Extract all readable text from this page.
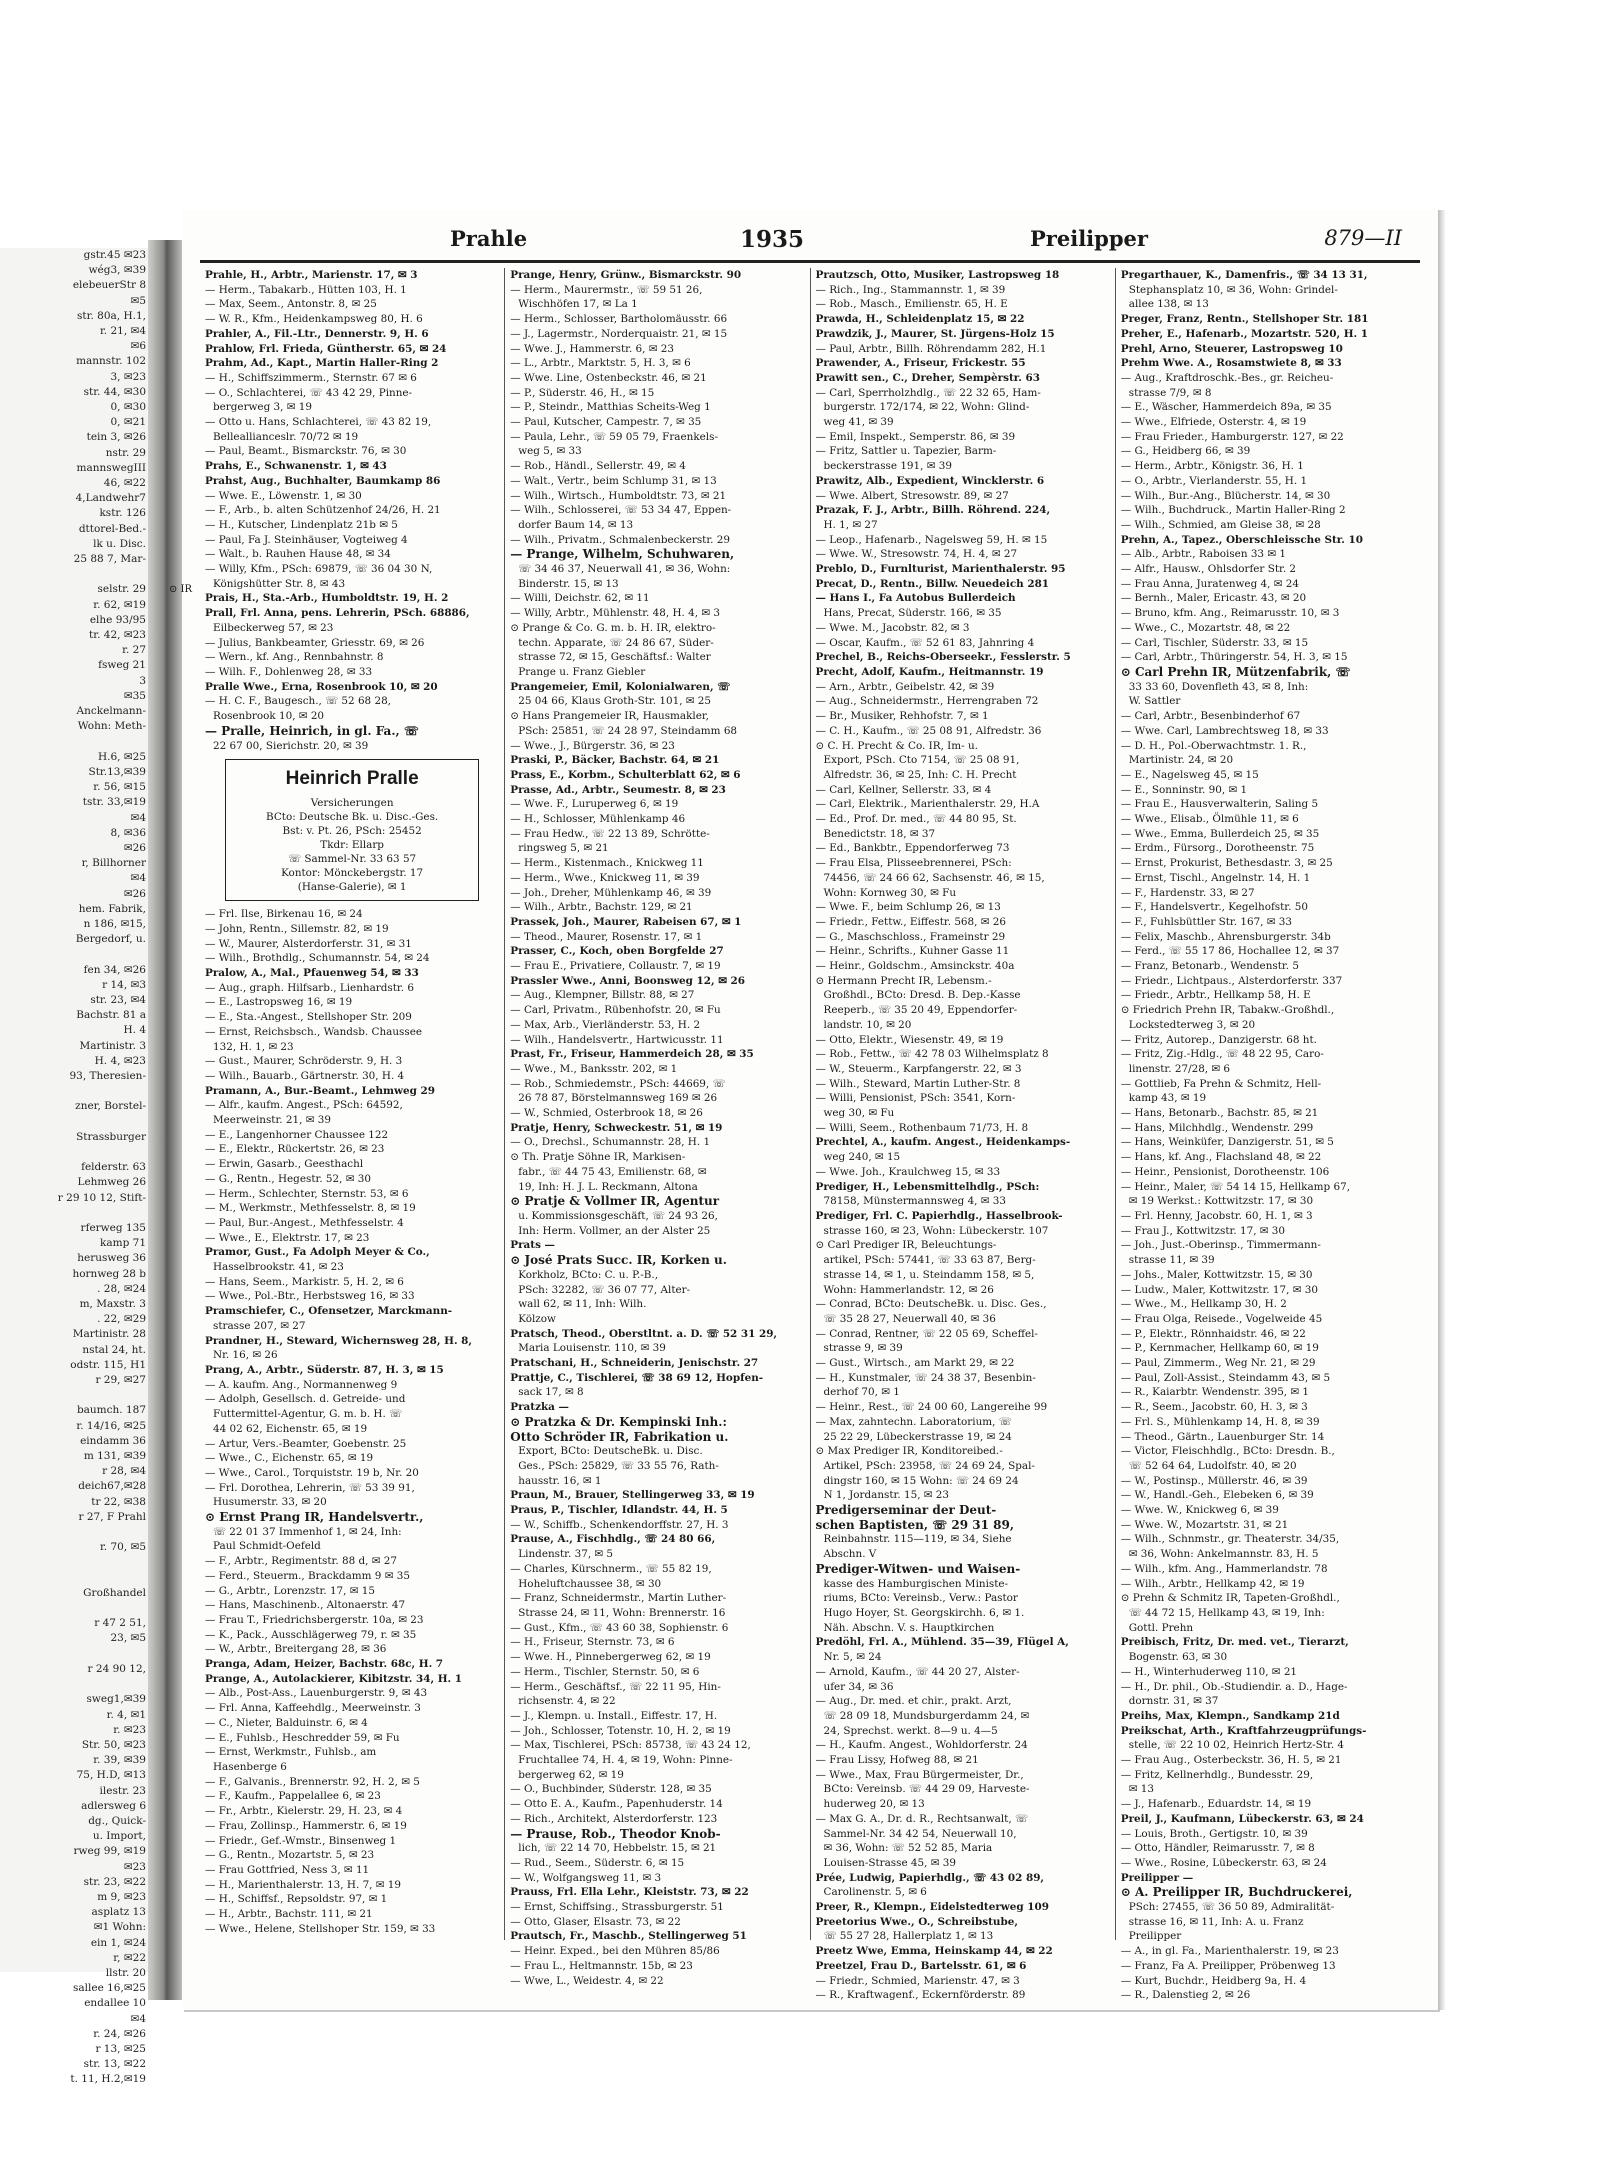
gstr.45 ✉23
wég3, ✉39
elebeuerStr 8
✉5
str. 80a, H.1,
r. 21, ✉4
✉6
mannstr. 102
3, ✉23
str. 44, ✉30
0, ✉30
0, ✉21
tein 3, ✉26
nstr. 29
mannswegIII
46, ✉22
4,Landwehr7
kstr. 126
dttorel-Bed.-
lk u. Disc.
25 88 7, Mar-

selstr. 29
r. 62, ✉19
elhe 93/95
tr. 42, ✉23
r. 27
fsweg 21
3
✉35
Anckelmann-
Wohn: Meth-

H.6, ✉25
Str.13,✉39
r. 56, ✉15
tstr. 33,✉19
✉4
8, ✉36
✉26
r, Billhorner
✉4
✉26
hem. Fabrik,
n 186, ✉15,
Bergedorf, u.

fen 34, ✉26
r 14, ✉3
str. 23, ✉4
Bachstr. 81 a
H. 4
Martinistr. 3
H. 4, ✉23
93, Theresien-

zner, Borstel-

Strassburger

felderstr. 63
Lehmweg 26
r 29 10 12, Stift-

rferweg 135
kamp 71
herusweg 36
hornweg 28 b
. 28, ✉24
m, Maxstr. 3
. 22, ✉29
Martinistr. 28
nstal 24, ht.
odstr. 115, H1
r 29, ✉27

baumch. 187
r. 14/16, ✉25
eindamm 36
m 131, ✉39
r 28, ✉4
deich67,✉28
tr 22, ✉38
r 27, F Prahl

r. 70, ✉5

Großhandel

r 47 2 51,
23, ✉5

r 24 90 12,

sweg1,✉39
r. 4, ✉1
r. ✉23
Str. 50, ✉23
r. 39, ✉39
75, H.D, ✉13
ilestr. 23
adlersweg 6
dg., Quick-
u. Import,
rweg 99, ✉19
✉23
str. 23, ✉22
m 9, ✉23
asplatz 13
✉1 Wohn:
ein 1, ✉24
r, ✉22
llstr. 20
sallee 16,✉25
endallee 10
✉4
r. 24, ✉26
r 13, ✉25
str. 13, ✉22
t. 11, H.2,✉19
Prahle	1935	Preilipper	879—II
Prahle, H., Arbtr., Marienstr. 17, ✉ 3
— Herm., Tabakarb., Hütten 103, H. 1
— Max, Seem., Antonstr. 8, ✉ 25
— W. R., Kfm., Heidenkampsweg 80, H. 6
Prahler, A., Fil.-Ltr., Dennerstr. 9, H. 6
Prahlow, Frl. Frieda, Güntherstr. 65, ✉ 24
Prahm, Ad., Kapt., Martin Haller-Ring 2
— H., Schiffszimmerm., Sternstr. 67 ✉ 6
— O., Schlachterei, ☏ 43 42 29, Pinne-
bergerweg 3, ✉ 19
— Otto u. Hans, Schlachterei, ☏ 43 82 19,
Belleallianceslr. 70/72 ✉ 19
— Paul, Beamt., Bismarckstr. 76, ✉ 30
Prahs, E., Schwanenstr. 1, ✉ 43
Prahst, Aug., Buchhalter, Baumkamp 86
— Wwe. E., Löwenstr. 1, ✉ 30
— F., Arb., b. alten Schützenhof 24/26, H. 21
— H., Kutscher, Lindenplatz 21b ✉ 5
— Paul, Fa J. Steinhäuser, Vogteiweg 4
— Walt., b. Rauhen Hause 48, ✉ 34
— Willy, Kfm., PSch: 69879, ☏ 36 04 30 N,
Königshütter Str. 8, ✉ 43
Prais, H., Sta.-Arb., Humboldtstr. 19, H. 2
Prall, Frl. Anna, pens. Lehrerin, PSch. 68886,
Eilbeckerweg 57, ✉ 23
— Julius, Bankbeamter, Griesstr. 69, ✉ 26
— Wern., kf. Ang., Rennbahnstr. 8
— Wilh. F., Dohlenweg 28, ✉ 33
Pralle Wwe., Erna, Rosenbrook 10, ✉ 20
— H. C. F., Baugesch., ☏ 52 68 28,
Rosenbrook 10, ✉ 20
— Pralle, Heinrich, in gl. Fa., ☏
22 67 00, Sierichstr. 20, ✉ 39
⊙ IR
Heinrich Pralle
Versicherungen
BCto: Deutsche Bk. u. Disc.-Ges.
Bst: v. Pt. 26, PSch: 25452
Tkdr: Ellarp
☏ Sammel-Nr. 33 63 57
Kontor: Mönckebergstr. 17
(Hanse-Galerie), ✉ 1
— Frl. Ilse, Birkenau 16, ✉ 24
— John, Rentn., Sillemstr. 82, ✉ 19
— W., Maurer, Alsterdorferstr. 31, ✉ 31
— Wilh., Brothdlg., Schumannstr. 54, ✉ 24
Pralow, A., Mal., Pfauenweg 54, ✉ 33
— Aug., graph. Hilfsarb., Lienhardstr. 6
— E., Lastropsweg 16, ✉ 19
— E., Sta.-Angest., Stellshoper Str. 209
— Ernst, Reichsbsch., Wandsb. Chaussee
132, H. 1, ✉ 23
— Gust., Maurer, Schröderstr. 9, H. 3
— Wilh., Bauarb., Gärtnerstr. 30, H. 4
Pramann, A., Bur.-Beamt., Lehmweg 29
— Alfr., kaufm. Angest., PSch: 64592,
Meerweinstr. 21, ✉ 39
— E., Langenhorner Chaussee 122
— E., Elektr., Rückertstr. 26, ✉ 23
— Erwin, Gasarb., Geesthachl
— G., Rentn., Hegestr. 52, ✉ 30
— Herm., Schlechter, Sternstr. 53, ✉ 6
— M., Werkmstr., Methfesselstr. 8, ✉ 19
— Paul, Bur.-Angest., Methfesselstr. 4
— Wwe., E., Elektrstr. 17, ✉ 23
Pramor, Gust., Fa Adolph Meyer & Co.,
Hasselbrookstr. 41, ✉ 23
— Hans, Seem., Markistr. 5, H. 2, ✉ 6
— Wwe., Pol.-Btr., Herbstsweg 16, ✉ 33
Pramschiefer, C., Ofensetzer, Marckmann-
strasse 207, ✉ 27
Prandner, H., Steward, Wichernsweg 28, H. 8,
Nr. 16, ✉ 26
Prang, A., Arbtr., Süderstr. 87, H. 3, ✉ 15
— A. kaufm. Ang., Normannenweg 9
— Adolph, Gesellsch. d. Getreide- und
Futtermittel-Agentur, G. m. b. H. ☏
44 02 62, Eichenstr. 65, ✉ 19
— Artur, Vers.-Beamter, Goebenstr. 25
— Wwe., C., Eichenstr. 65, ✉ 19
— Wwe., Carol., Torquiststr. 19 b, Nr. 20
— Frl. Dorothea, Lehrerin, ☏ 53 39 91,
Husumerstr. 33, ✉ 20
⊙ Ernst Prang IR, Handelsvertr.,
☏ 22 01 37 Immenhof 1, ✉ 24, Inh:
Paul Schmidt-Oefeld
— F., Arbtr., Regimentstr. 88 d, ✉ 27
— Ferd., Steuerm., Brackdamm 9 ✉ 35
— G., Arbtr., Lorenzstr. 17, ✉ 15
— Hans, Maschinenb., Altonaerstr. 47
— Frau T., Friedrichsbergerstr. 10a, ✉ 23
— K., Pack., Ausschlägerweg 79, r. ✉ 35
— W., Arbtr., Breitergang 28, ✉ 36
Pranga, Adam, Heizer, Bachstr. 68c, H. 7
Prange, A., Autolackierer, Kibitzstr. 34, H. 1
— Alb., Post-Ass., Lauenburgerstr. 9, ✉ 43
— Frl. Anna, Kaffeehdlg., Meerweinstr. 3
— C., Nieter, Balduinstr. 6, ✉ 4
— E., Fuhlsb., Heschredder 59, ✉ Fu
— Ernst, Werkmstr., Fuhlsb., am
Hasenberge 6
— F., Galvanis., Brennerstr. 92, H. 2, ✉ 5
— F., Kaufm., Pappelallee 6, ✉ 23
— Fr., Arbtr., Kielerstr. 29, H. 23, ✉ 4
— Frau, Zollinsp., Hammerstr. 6, ✉ 19
— Friedr., Gef.-Wmstr., Binsenweg 1
— G., Rentn., Mozartstr. 5, ✉ 23
— Frau Gottfried, Ness 3, ✉ 11
— H., Marienthalerstr. 13, H. 7, ✉ 19
— H., Schiffsf., Repsoldstr. 97, ✉ 1
— H., Arbtr., Bachstr. 111, ✉ 21
— Wwe., Helene, Stellshoper Str. 159, ✉ 33
Prange, Henry, Grünw., Bismarckstr. 90
— Herm., Maurermstr., ☏ 59 51 26,
Wischhöfen 17, ✉ La 1
— Herm., Schlosser, Bartholomäusstr. 66
— J., Lagermstr., Norderquaistr. 21, ✉ 15
— Wwe. J., Hammerstr. 6, ✉ 23
— L., Arbtr., Marktstr. 5, H. 3, ✉ 6
— Wwe. Line, Ostenbeckstr. 46, ✉ 21
— P., Süderstr. 46, H., ✉ 15
— P., Steindr., Matthias Scheits-Weg 1
— Paul, Kutscher, Campestr. 7, ✉ 35
— Paula, Lehr., ☏ 59 05 79, Fraenkels-
weg 5, ✉ 33
— Rob., Händl., Sellerstr. 49, ✉ 4
— Walt., Vertr., beim Schlump 31, ✉ 13
— Wilh., Wirtsch., Humboldtstr. 73, ✉ 21
— Wilh., Schlosserei, ☏ 53 34 47, Eppen-
dorfer Baum 14, ✉ 13
— Wilh., Privatm., Schmalenbeckerstr. 29
— Prange, Wilhelm, Schuhwaren,
☏ 34 46 37, Neuerwall 41, ✉ 36, Wohn:
Binderstr. 15, ✉ 13
— Willi, Deichstr. 62, ✉ 11
— Willy, Arbtr., Mühlenstr. 48, H. 4, ✉ 3
⊙ Prange & Co. G. m. b. H. IR, elektro-
techn. Apparate, ☏ 24 86 67, Süder-
strasse 72, ✉ 15, Geschäftsf.: Walter
Prange u. Franz Giebler
Prangemeier, Emil, Kolonialwaren, ☏
25 04 66, Klaus Groth-Str. 101, ✉ 25
⊙ Hans Prangemeier IR, Hausmakler,
PSch: 25851, ☏ 24 28 97, Steindamm 68
— Wwe., J., Bürgerstr. 36, ✉ 23
Praski, P., Bäcker, Bachstr. 64, ✉ 21
Prass, E., Korbm., Schulterblatt 62, ✉ 6
Prasse, Ad., Arbtr., Seumestr. 8, ✉ 23
— Wwe. F., Luruperweg 6, ✉ 19
— H., Schlosser, Mühlenkamp 46
— Frau Hedw., ☏ 22 13 89, Schrötte-
ringsweg 5, ✉ 21
— Herm., Kistenmach., Knickweg 11
— Herm., Wwe., Knickweg 11, ✉ 39
— Joh., Dreher, Mühlenkamp 46, ✉ 39
— Wilh., Arbtr., Bachstr. 129, ✉ 21
Prassek, Joh., Maurer, Rabeisen 67, ✉ 1
— Theod., Maurer, Rosenstr. 17, ✉ 1
Prasser, C., Koch, oben Borgfelde 27
— Frau E., Privatiere, Collaustr. 7, ✉ 19
Prassler Wwe., Anni, Boonsweg 12, ✉ 26
— Aug., Klempner, Billstr. 88, ✉ 27
— Carl, Privatm., Rübenhofstr. 20, ✉ Fu
— Max, Arb., Vierländerstr. 53, H. 2
— Wilh., Handelsvertr., Hartwicusstr. 11
Prast, Fr., Friseur, Hammerdeich 28, ✉ 35
— Wwe., M., Banksstr. 202, ✉ 1
— Rob., Schmiedemstr., PSch: 44669, ☏
26 78 87, Börstelmannsweg 169 ✉ 26
— W., Schmied, Osterbrook 18, ✉ 26
Pratje, Henry, Schweckestr. 51, ✉ 19
— O., Drechsl., Schumannstr. 28, H. 1
⊙ Th. Pratje Söhne IR, Markisen-
fabr., ☏ 44 75 43, Emilienstr. 68, ✉
19, Inh: H. J. L. Reckmann, Altona
⊙ Pratje & Vollmer IR, Agentur
u. Kommissionsgeschäft, ☏ 24 93 26,
Inh: Herm. Vollmer, an der Alster 25
Prats —
⊙ José Prats Succ. IR, Korken u.
Korkholz, BCto: C. u. P.-B.,
PSch: 32282, ☏ 36 07 77, Alter-
wall 62, ✉ 11, Inh: Wilh.
Kölzow
Pratsch, Theod., Oberstltnt. a. D. ☏ 52 31 29,
Maria Louisenstr. 110, ✉ 39
Pratschani, H., Schneiderin, Jenischstr. 27
Prattje, C., Tischlerei, ☏ 38 69 12, Hopfen-
sack 17, ✉ 8
Pratzka —
⊙ Pratzka & Dr. Kempinski Inh.:
Otto Schröder IR, Fabrikation u.
Export, BCto: DeutscheBk. u. Disc.
Ges., PSch: 25829, ☏ 33 55 76, Rath-
hausstr. 16, ✉ 1
Praun, M., Brauer, Stellingerweg 33, ✉ 19
Praus, P., Tischler, Idlandstr. 44, H. 5
— W., Schiffb., Schenkendorffstr. 27, H. 3
Prause, A., Fischhdlg., ☏ 24 80 66,
Lindenstr. 37, ✉ 5
— Charles, Kürschnerm., ☏ 55 82 19,
Hoheluftchaussee 38, ✉ 30
— Franz, Schneidermstr., Martin Luther-
Strasse 24, ✉ 11, Wohn: Brennerstr. 16
— Gust., Kfm., ☏ 43 60 38, Sophienstr. 6
— H., Friseur, Sternstr. 73, ✉ 6
— Wwe. H., Pinnebergerweg 62, ✉ 19
— Herm., Tischler, Sternstr. 50, ✉ 6
— Herm., Geschäftsf., ☏ 22 11 95, Hin-
richsenstr. 4, ✉ 22
— J., Klempn. u. Install., Eiffestr. 17, H.
— Joh., Schlosser, Totenstr. 10, H. 2, ✉ 19
— Max, Tischlerei, PSch: 85738, ☏ 43 24 12,
Fruchtallee 74, H. 4, ✉ 19, Wohn: Pinne-
bergerweg 62, ✉ 19
— O., Buchbinder, Süderstr. 128, ✉ 35
— Otto E. A., Kaufm., Papenhuderstr. 14
— Rich., Architekt, Alsterdorferstr. 123
— Prause, Rob., Theodor Knob-
lich, ☏ 22 14 70, Hebbelstr. 15, ✉ 21
— Rud., Seem., Süderstr. 6, ✉ 15
— W., Wolfgangsweg 11, ✉ 3
Prauss, Frl. Ella Lehr., Kleiststr. 73, ✉ 22
— Ernst, Schiffsing., Strassburgerstr. 51
— Otto, Glaser, Elsastr. 73, ✉ 22
Prautsch, Fr., Maschb., Stellingerweg 51
— Heinr. Exped., bei den Mühren 85/86
— Frau L., Heltmannstr. 15b, ✉ 23
— Wwe, L., Weidestr. 4, ✉ 22
Prautzsch, Otto, Musiker, Lastropsweg 18
— Rich., Ing., Stammannstr. 1, ✉ 39
— Rob., Masch., Emilienstr. 65, H. E
Prawda, H., Schleidenplatz 15, ✉ 22
Prawdzik, J., Maurer, St. Jürgens-Holz 15
— Paul, Arbtr., Billh. Röhrendamm 282, H.1
Prawender, A., Friseur, Frickestr. 55
Prawitt sen., C., Dreher, Sempèrstr. 63
— Carl, Sperrholzhdlg., ☏ 22 32 65, Ham-
burgerstr. 172/174, ✉ 22, Wohn: Glind-
weg 41, ✉ 39
— Emil, Inspekt., Semperstr. 86, ✉ 39
— Fritz, Sattler u. Tapezier, Barm-
beckerstrasse 191, ✉ 39
Prawitz, Alb., Expedient, Wincklerstr. 6
— Wwe. Albert, Stresowstr. 89, ✉ 27
Prazak, F. J., Arbtr., Billh. Röhrend. 224,
H. 1, ✉ 27
— Leop., Hafenarb., Nagelsweg 59, H. ✉ 15
— Wwe. W., Stresowstr. 74, H. 4, ✉ 27
Preblo, D., Furnlturist, Marienthalerstr. 95
Precat, D., Rentn., Billw. Neuedeich 281
— Hans I., Fa Autobus Bullerdeich
Hans, Precat, Süderstr. 166, ✉ 35
— Wwe. M., Jacobstr. 82, ✉ 3
— Oscar, Kaufm., ☏ 52 61 83, Jahnring 4
Prechel, B., Reichs-Oberseekr., Fesslerstr. 5
Precht, Adolf, Kaufm., Heitmannstr. 19
— Arn., Arbtr., Geibelstr. 42, ✉ 39
— Aug., Schneidermstr., Herrengraben 72
— Br., Musiker, Rehhofstr. 7, ✉ 1
— C. H., Kaufm., ☏ 25 08 91, Alfredstr. 36
⊙ C. H. Precht & Co. IR, Im- u.
Export, PSch. Cto 7154, ☏ 25 08 91,
Alfredstr. 36, ✉ 25, Inh: C. H. Precht
— Carl, Kellner, Sellerstr. 33, ✉ 4
— Carl, Elektrik., Marienthalerstr. 29, H.A
— Ed., Prof. Dr. med., ☏ 44 80 95, St.
Benedictstr. 18, ✉ 37
— Ed., Bankbtr., Eppendorferweg 73
— Frau Elsa, Plisseebrennerei, PSch:
74456, ☏ 24 66 62, Sachsenstr. 46, ✉ 15,
Wohn: Kornweg 30, ✉ Fu
— Wwe. F., beim Schlump 26, ✉ 13
— Friedr., Fettw., Eiffestr. 568, ✉ 26
— G., Maschschloss., Frameinstr 29
— Heinr., Schrifts., Kuhner Gasse 11
— Heinr., Goldschm., Amsinckstr. 40a
⊙ Hermann Precht IR, Lebensm.-
Großhdl., BCto: Dresd. B. Dep.-Kasse
Reeperb., ☏ 35 20 49, Eppendorfer-
landstr. 10, ✉ 20
— Otto, Elektr., Wiesenstr. 49, ✉ 19
— Rob., Fettw., ☏ 42 78 03 Wilhelmsplatz 8
— W., Steuerm., Karpfangerstr. 22, ✉ 3
— Wilh., Steward, Martin Luther-Str. 8
— Willi, Pensionist, PSch: 3541, Korn-
weg 30, ✉ Fu
— Willi, Seem., Rothenbaum 71/73, H. 8
Prechtel, A., kaufm. Angest., Heidenkamps-
weg 240, ✉ 15
— Wwe. Joh., Kraulchweg 15, ✉ 33
Prediger, H., Lebensmittelhdlg., PSch:
78158, Münstermannsweg 4, ✉ 33
Prediger, Frl. C. Papierhdlg., Hasselbrook-
strasse 160, ✉ 23, Wohn: Lübeckerstr. 107
⊙ Carl Prediger IR, Beleuchtungs-
artikel, PSch: 57441, ☏ 33 63 87, Berg-
strasse 14, ✉ 1, u. Steindamm 158, ✉ 5,
Wohn: Hammerlandstr. 12, ✉ 26
— Conrad, BCto: DeutscheBk. u. Disc. Ges.,
☏ 35 28 27, Neuerwall 40, ✉ 36
— Conrad, Rentner, ☏ 22 05 69, Scheffel-
strasse 9, ✉ 39
— Gust., Wirtsch., am Markt 29, ✉ 22
— H., Kunstmaler, ☏ 24 38 37, Besenbin-
derhof 70, ✉ 1
— Heinr., Rest., ☏ 24 00 60, Langereihe 99
— Max, zahntechn. Laboratorium, ☏
25 22 29, Lübeckerstrasse 19, ✉ 24
⊙ Max Prediger IR, Konditoreibed.-
Artikel, PSch: 23958, ☏ 24 69 24, Spal-
dingstr 160, ✉ 15 Wohn: ☏ 24 69 24
N 1, Jordanstr. 15, ✉ 23
Predigerseminar der Deut-
schen Baptisten, ☏ 29 31 89,
Reinbahnstr. 115—119, ✉ 34, Siehe
Abschn. V
Prediger-Witwen- und Waisen-
kasse des Hamburgischen Ministe-
riums, BCto: Vereinsb., Verw.: Pastor
Hugo Hoyer, St. Georgskirchh. 6, ✉ 1.
Näh. Abschn. V. s. Hauptkirchen
Predöhl, Frl. A., Mühlend. 35—39, Flügel A,
Nr. 5, ✉ 24
— Arnold, Kaufm., ☏ 44 20 27, Alster-
ufer 34, ✉ 36
— Aug., Dr. med. et chir., prakt. Arzt,
☏ 28 09 18, Mundsburgerdamm 24, ✉
24, Sprechst. werkt. 8—9 u. 4—5
— H., Kaufm. Angest., Wohldorferstr. 24
— Frau Lissy, Hofweg 88, ✉ 21
— Wwe., Max, Frau Bürgermeister, Dr.,
BCto: Vereinsb. ☏ 44 29 09, Harveste-
huderweg 20, ✉ 13
— Max G. A., Dr. d. R., Rechtsanwalt, ☏
Sammel-Nr. 34 42 54, Neuerwall 10,
✉ 36, Wohn: ☏ 52 52 85, Maria
Louisen-Strasse 45, ✉ 39
Prée, Ludwig, Papierhdlg., ☏ 43 02 89,
Carolinenstr. 5, ✉ 6
Preer, R., Klempn., Eidelstedterweg 109
Preetorius Wwe., O., Schreibstube,
☏ 55 27 28, Hallerplatz 1, ✉ 13
Preetz Wwe, Emma, Heinskamp 44, ✉ 22
Preetzel, Frau D., Bartelsstr. 61, ✉ 6
— Friedr., Schmied, Marienstr. 47, ✉ 3
— R., Kraftwagenf., Eckernförderstr. 89
Pregarthauer, K., Damenfris., ☏ 34 13 31,
Stephansplatz 10, ✉ 36, Wohn: Grindel-
allee 138, ✉ 13
Preger, Franz, Rentn., Stellshoper Str. 181
Preher, E., Hafenarb., Mozartstr. 520, H. 1
Prehl, Arno, Steuerer, Lastropsweg 10
Prehm Wwe. A., Rosamstwiete 8, ✉ 33
— Aug., Kraftdroschk.-Bes., gr. Reicheu-
strasse 7/9, ✉ 8
— E., Wäscher, Hammerdeich 89a, ✉ 35
— Wwe., Elfriede, Osterstr. 4, ✉ 19
— Frau Frieder., Hamburgerstr. 127, ✉ 22
— G., Heidberg 66, ✉ 39
— Herm., Arbtr., Königstr. 36, H. 1
— O., Arbtr., Vierlanderstr. 55, H. 1
— Wilh., Bur.-Ang., Blücherstr. 14, ✉ 30
— Wilh., Buchdruck., Martin Haller-Ring 2
— Wilh., Schmied, am Gleise 38, ✉ 28
Prehn, A., Tapez., Oberschleissche Str. 10
— Alb., Arbtr., Raboisen 33 ✉ 1
— Alfr., Hausw., Ohlsdorfer Str. 2
— Frau Anna, Juratenweg 4, ✉ 24
— Bernh., Maler, Ericastr. 43, ✉ 20
— Bruno, kfm. Ang., Reimarusstr. 10, ✉ 3
— Wwe., C., Mozartstr. 48, ✉ 22
— Carl, Tischler, Süderstr. 33, ✉ 15
— Carl, Arbtr., Thüringerstr. 54, H. 3, ✉ 15
⊙ Carl Prehn IR, Mützenfabrik, ☏
33 33 60, Dovenfleth 43, ✉ 8, Inh:
W. Sattler
— Carl, Arbtr., Besenbinderhof 67
— Wwe. Carl, Lambrechtsweg 18, ✉ 33
— D. H., Pol.-Oberwachtmstr. 1. R.,
Martinistr. 24, ✉ 20
— E., Nagelsweg 45, ✉ 15
— E., Sonninstr. 90, ✉ 1
— Frau E., Hausverwalterin, Saling 5
— Wwe., Elisab., Ölmühle 11, ✉ 6
— Wwe., Emma, Bullerdeich 25, ✉ 35
— Erdm., Fürsorg., Dorotheenstr. 75
— Ernst, Prokurist, Bethesdastr. 3, ✉ 25
— Ernst, Tischl., Angelnstr. 14, H. 1
— F., Hardenstr. 33, ✉ 27
— F., Handelsvertr., Kegelhofstr. 50
— F., Fuhlsbüttler Str. 167, ✉ 33
— Felix, Maschb., Ahrensburgerstr. 34b
— Ferd., ☏ 55 17 86, Hochallee 12, ✉ 37
— Franz, Betonarb., Wendenstr. 5
— Friedr., Lichtpaus., Alsterdorferstr. 337
— Friedr., Arbtr., Hellkamp 58, H. E
⊙ Friedrich Prehn IR, Tabakw.-Großhdl.,
Lockstedterweg 3, ✉ 20
— Fritz, Autorep., Danzigerstr. 68 ht.
— Fritz, Zig.-Hdlg., ☏ 48 22 95, Caro-
linenstr. 27/28, ✉ 6
— Gottlieb, Fa Prehn & Schmitz, Hell-
kamp 43, ✉ 19
— Hans, Betonarb., Bachstr. 85, ✉ 21
— Hans, Milchhdlg., Wendenstr. 299
— Hans, Weinküfer, Danzigerstr. 51, ✉ 5
— Hans, kf. Ang., Flachsland 48, ✉ 22
— Heinr., Pensionist, Dorotheenstr. 106
— Heinr., Maler, ☏ 54 14 15, Hellkamp 67,
✉ 19 Werkst.: Kottwitzstr. 17, ✉ 30
— Frl. Henny, Jacobstr. 60, H. 1, ✉ 3
— Frau J., Kottwitzstr. 17, ✉ 30
— Joh., Just.-Oberinsp., Timmermann-
strasse 11, ✉ 39
— Johs., Maler, Kottwitzstr. 15, ✉ 30
— Ludw., Maler, Kottwitzstr. 17, ✉ 30
— Wwe., M., Hellkamp 30, H. 2
— Frau Olga, Reisede., Vogelweide 45
— P., Elektr., Rönnhaidstr. 46, ✉ 22
— P., Kernmacher, Hellkamp 60, ✉ 19
— Paul, Zimmerm., Weg Nr. 21, ✉ 29
— Paul, Zoll-Assist., Steindamm 43, ✉ 5
— R., Kaiarbtr. Wendenstr. 395, ✉ 1
— R., Seem., Jacobstr. 60, H. 3, ✉ 3
— Frl. S., Mühlenkamp 14, H. 8, ✉ 39
— Theod., Gärtn., Lauenburger Str. 14
— Victor, Fleischhdlg., BCto: Dresdn. B.,
☏ 52 64 64, Ludolfstr. 40, ✉ 20
— W., Postinsp., Müllerstr. 46, ✉ 39
— W., Handl.-Geh., Elebeken 6, ✉ 39
— Wwe. W., Knickweg 6, ✉ 39
— Wwe. W., Mozartstr. 31, ✉ 21
— Wilh., Schnmstr., gr. Theaterstr. 34/35,
✉ 36, Wohn: Ankelmannstr. 83, H. 5
— Wilh., kfm. Ang., Hammerlandstr. 78
— Wilh., Arbtr., Hellkamp 42, ✉ 19
⊙ Prehn & Schmitz IR, Tapeten-Großhdl.,
☏ 44 72 15, Hellkamp 43, ✉ 19, Inh:
Gottl. Prehn
Preibisch, Fritz, Dr. med. vet., Tierarzt,
Bogenstr. 63, ✉ 30
— H., Winterhuderweg 110, ✉ 21
— H., Dr. phil., Ob.-Studiendir. a. D., Hage-
dornstr. 31, ✉ 37
Preihs, Max, Klempn., Sandkamp 21d
Preikschat, Arth., Kraftfahrzeugprüfungs-
stelle, ☏ 22 10 02, Heinrich Hertz-Str. 4
— Frau Aug., Osterbeckstr. 36, H. 5, ✉ 21
— Fritz, Kellnerhdlg., Bundesstr. 29,
✉ 13
— J., Hafenarb., Eduardstr. 14, ✉ 19
Preil, J., Kaufmann, Lübeckerstr. 63, ✉ 24
— Louis, Broth., Gertigstr. 10, ✉ 39
— Otto, Händler, Reimarusstr. 7, ✉ 8
— Wwe., Rosine, Lübeckerstr. 63, ✉ 24
Preilipper —
⊙ A. Preilipper IR, Buchdruckerei,
PSch: 27455, ☏ 36 50 89, Admiralität-
strasse 16, ✉ 11, Inh: A. u. Franz
Preilipper
— A., in gl. Fa., Marienthalerstr. 19, ✉ 23
— Franz, Fa A. Preilipper, Pröbenweg 13
— Kurt, Buchdr., Heidberg 9a, H. 4
— R., Dalenstieg 2, ✉ 26
